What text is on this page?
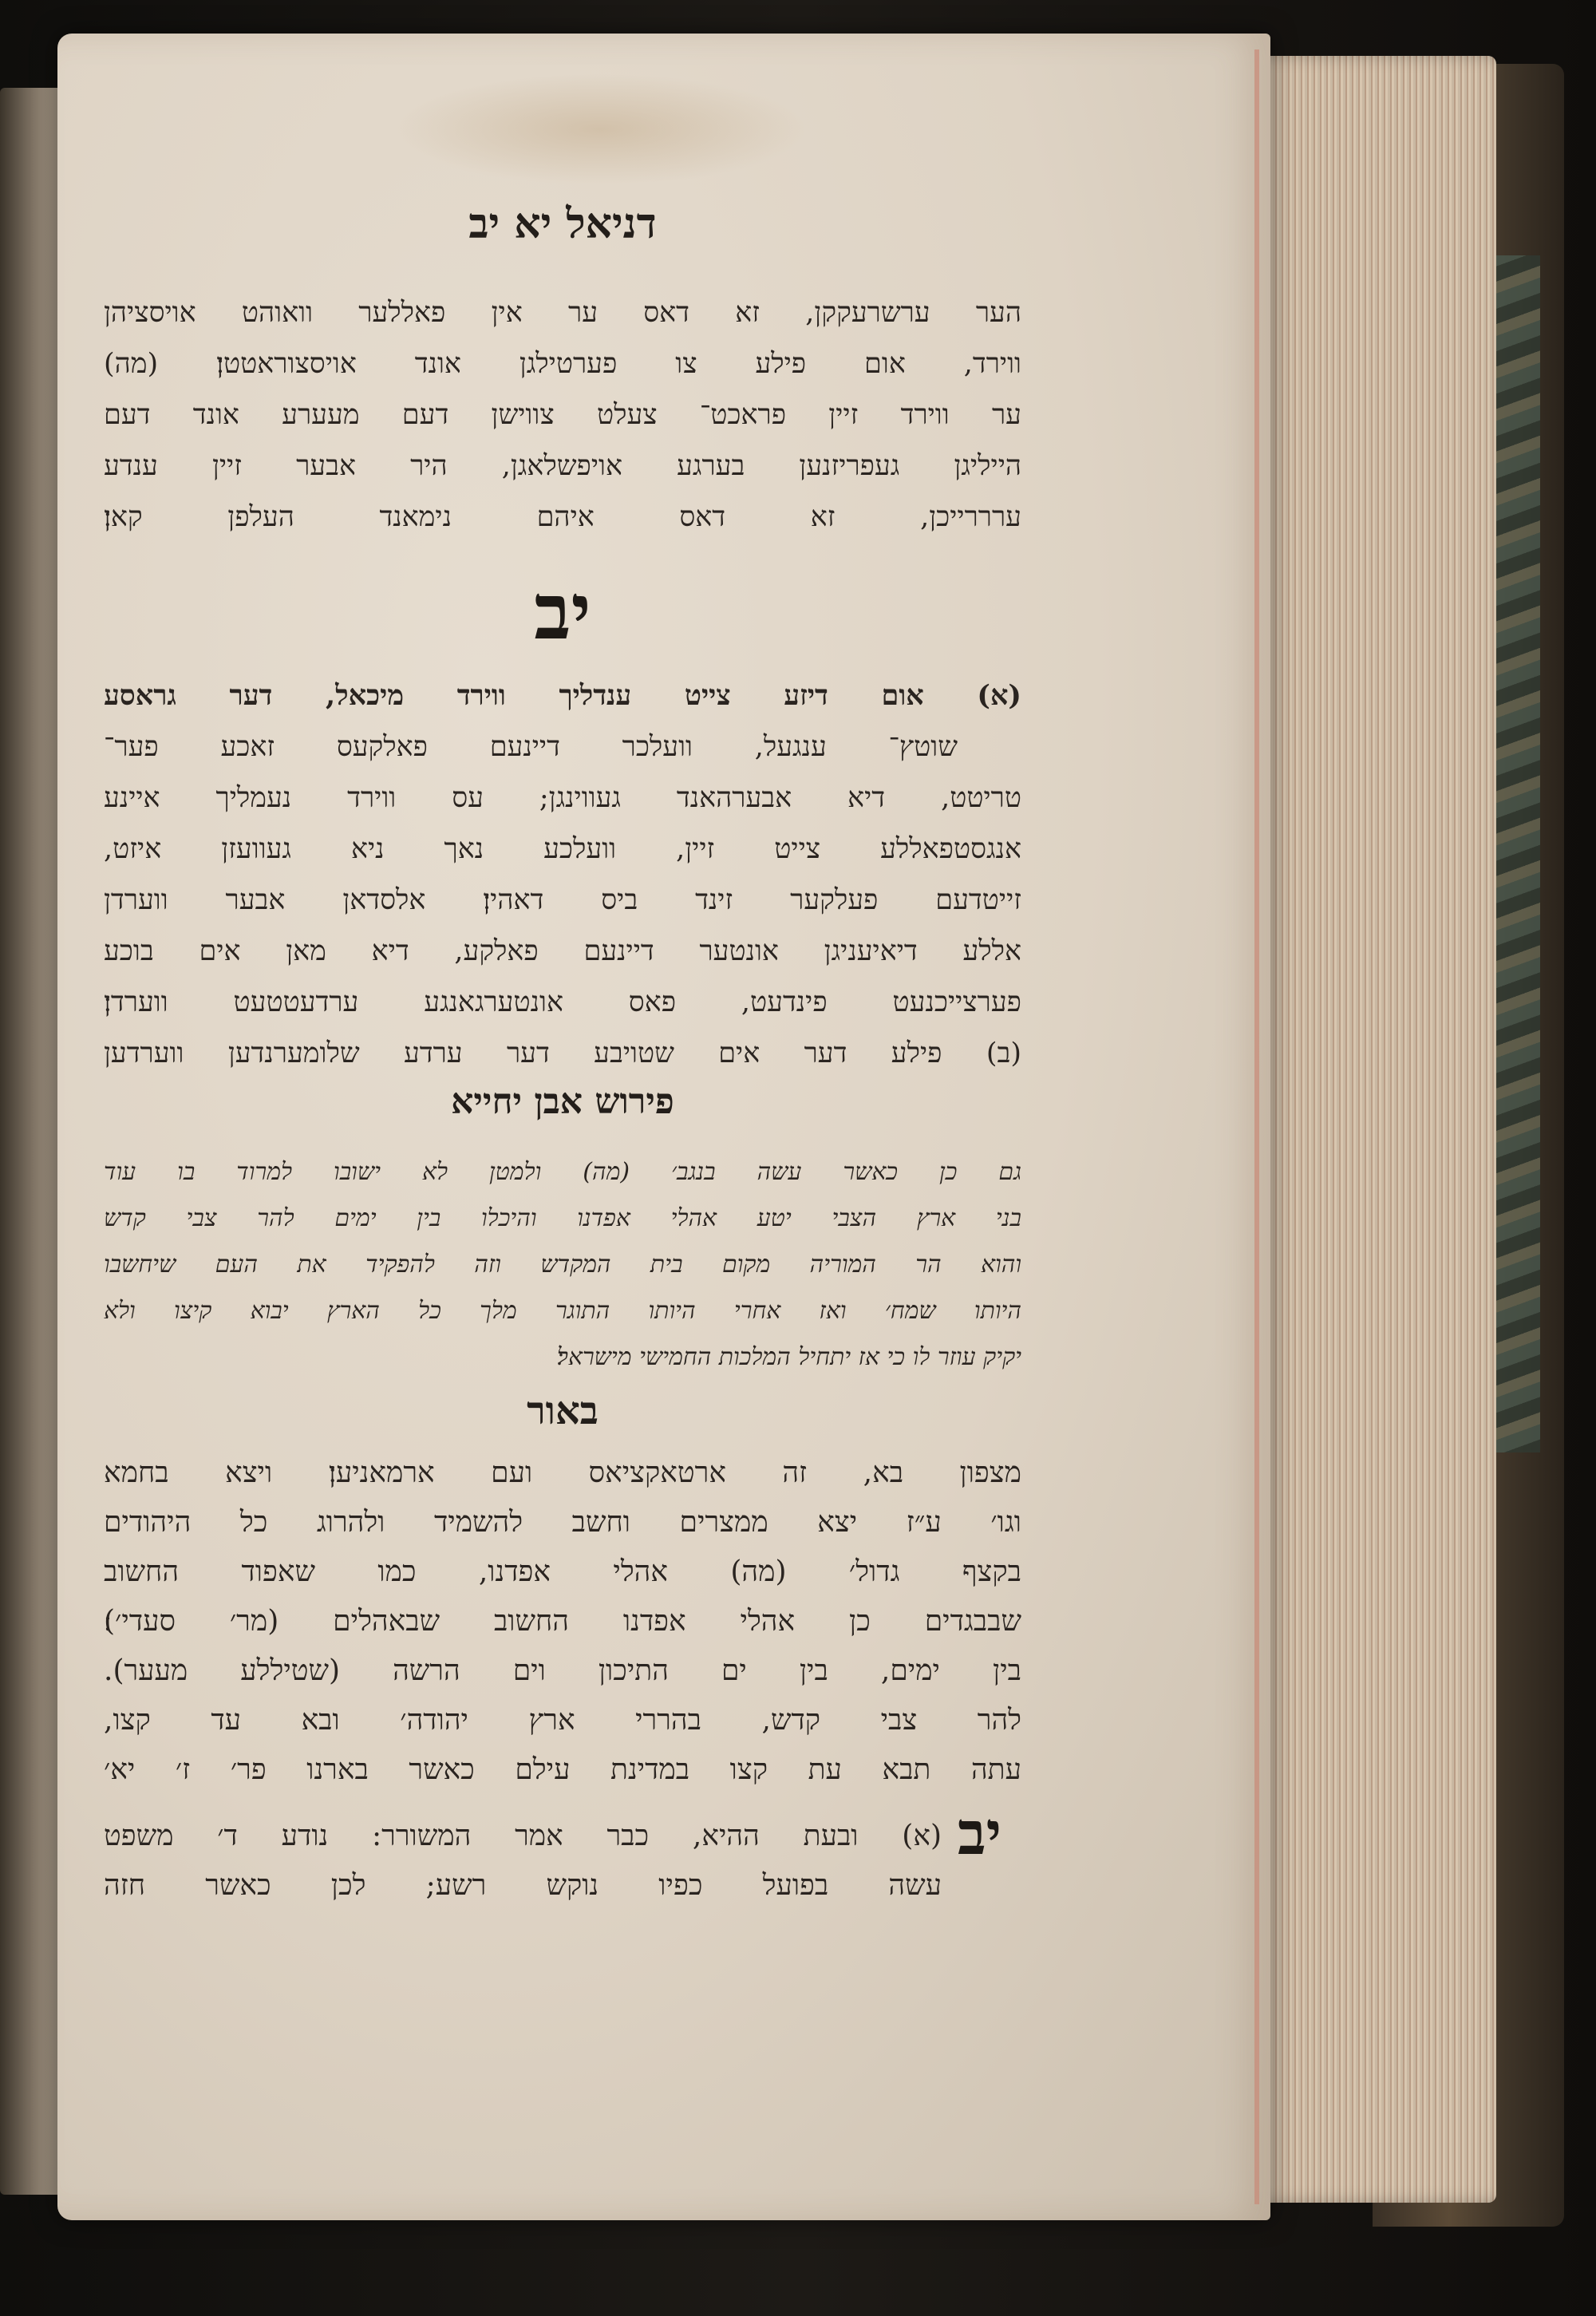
דניאל יא יב
הער ערשרעקקן, זא דאס ער אין פאללער וואוהט אויסציהן
ווירד, אום פילע צו פערטילגן אונד אויסצוראטטן׃ (מה)
ער ווירד זיין פראכט־ צעלט צווישן דעם מעערע אונד דעם
הייליגן געפריזנען בערגע אויפשלאגן, היר אבער זיין ענדע
ערררייכן, זא דאס איהם נימאנד העלפן קאן׃
יב
(א) אום דיזע צייט ענדליך ווירד מיכאל, דער גראסע
שוטץ־ ענגעל, וועלכר דיינעם פאלקעס זאכע פער־
טריטט, דיא אבערהאנד געווינגן; עס ווירד נעמליך איינע
אנגסטפאללע צייט זיין, וועלכע נאך ניא געוועזן איזט,
זייטדעם פעלקער זינד ביס דאהין׃ אלסדאן אבער ווערדן
אללע דיאיעניגן אונטער דיינעם פאלקע, דיא מאן אים בוכע
פערצייכנעט פינדעט, פאס אונטערגאנגע ערדעטטעט ווערדן׃
(ב) פילע דער אים שטויבע דער ערדע שלומערנדען ווערדען
פירוש אבן יחייא
גם כן כאשר עשה בנגב׳ (מה) ולמטן לא ישובו למרוד בו עוד
בני ארץ הצבי יטע אהלי אפדנו והיכלו בין ימים להר צבי קדש
והוא הר המוריה מקום בית המקדש וזה להפקיד את העם שיחשבו
היותו שמח׳ ואז אחרי היותו התוגר מלך כל הארץ יבוא קיצו ולא
יקיק עוזר לו כי אז יתחיל המלכות החמישי מישראל׃
באור
מצפון בא, זה ארטאקציאס ועם ארמאניען׃ ויצא בחמא
וגו׳ ע״ז יצא ממצרים וחשב להשמיד ולהרוג כל היהודים
בקצף גדול׳ (מה) אהלי אפדנו, כמו שאפוד החשוב
שבבגדים כן אהלי אפדנו החשוב שבאהלים (מר׳ סעדי׳)׃
בין ימים, בין ים התיכון וים הרשה (שטיללע מעער).
להר צבי קדש, בהררי ארץ יהודה׳ ובא עד קצו,
עתה תבא עת קצו במדינת עילם כאשר בארנו פר׳ ז׳ יא׳
יב
(א) ובעת ההיא, כבר אמר המשורר: נודע ד׳ משפט
עשה בפועל כפיו נוקש רשע; לכן כאשר חזה
